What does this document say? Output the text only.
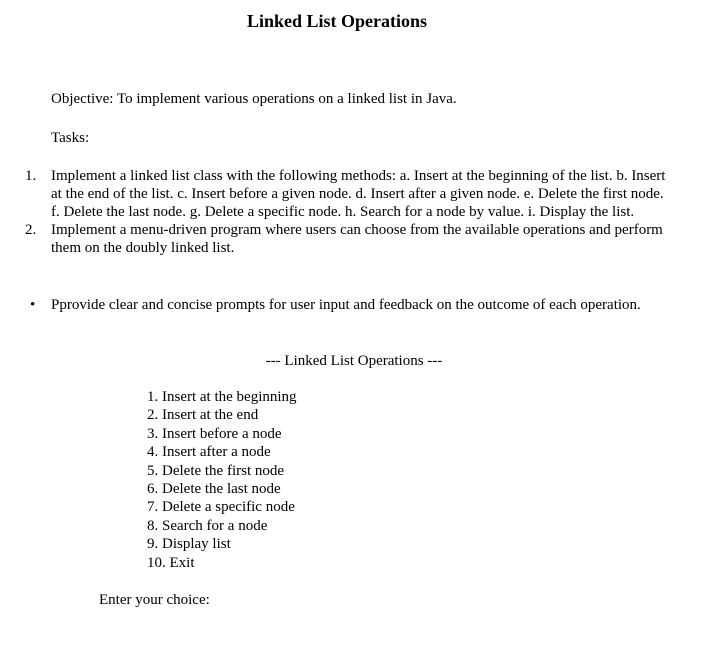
Linked List Operations
Objective: To implement various operations on a linked list in Java.
Tasks:
1. Implement a linked list class with the following methods: a. Insert at the beginning of the list. b. Insert at the end of the list. c. Insert before a given node. d. Insert after a given node. e. Delete the first node. f. Delete the last node. g. Delete a specific node. h. Search for a node by value. i. Display the list.
2. Implement a menu-driven program where users can choose from the available operations and perform them on the doubly linked list.
• Pprovide clear and concise prompts for user input and feedback on the outcome of each operation.
--- Linked List Operations ---
1. Insert at the beginning
2. Insert at the end
3. Insert before a node
4. Insert after a node
5. Delete the first node
6. Delete the last node
7. Delete a specific node
8. Search for a node
9. Display list
10. Exit
Enter your choice:
